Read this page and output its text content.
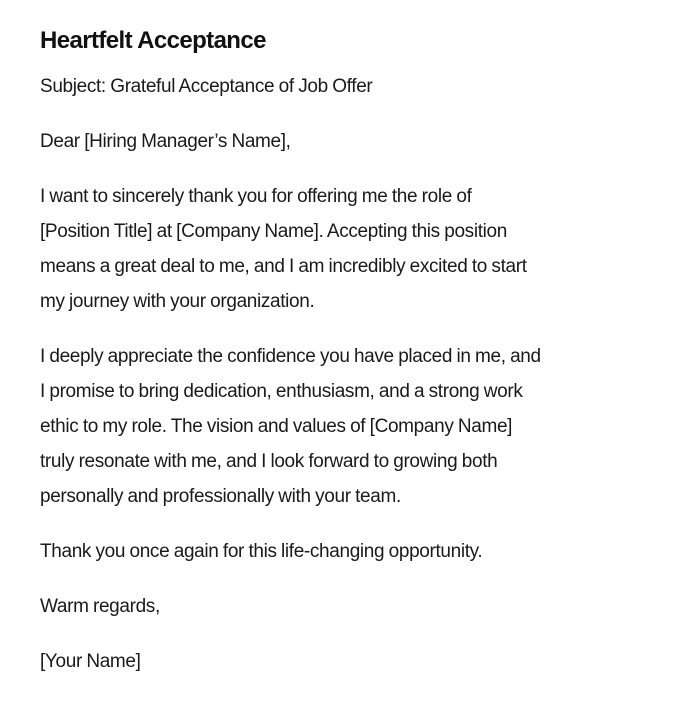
Heartfelt Acceptance

Subject: Grateful Acceptance of Job Offer

Dear [Hiring Manager’s Name],

I want to sincerely thank you for offering me the role of
[Position Title] at [Company Name]. Accepting this position
means a great deal to me, and I am incredibly excited to start
my journey with your organization.

I deeply appreciate the confidence you have placed in me, and
I promise to bring dedication, enthusiasm, and a strong work
ethic to my role. The vision and values of [Company Name]
truly resonate with me, and I look forward to growing both
personally and professionally with your team.

Thank you once again for this life-changing opportunity.

Warm regards,

[Your Name]
